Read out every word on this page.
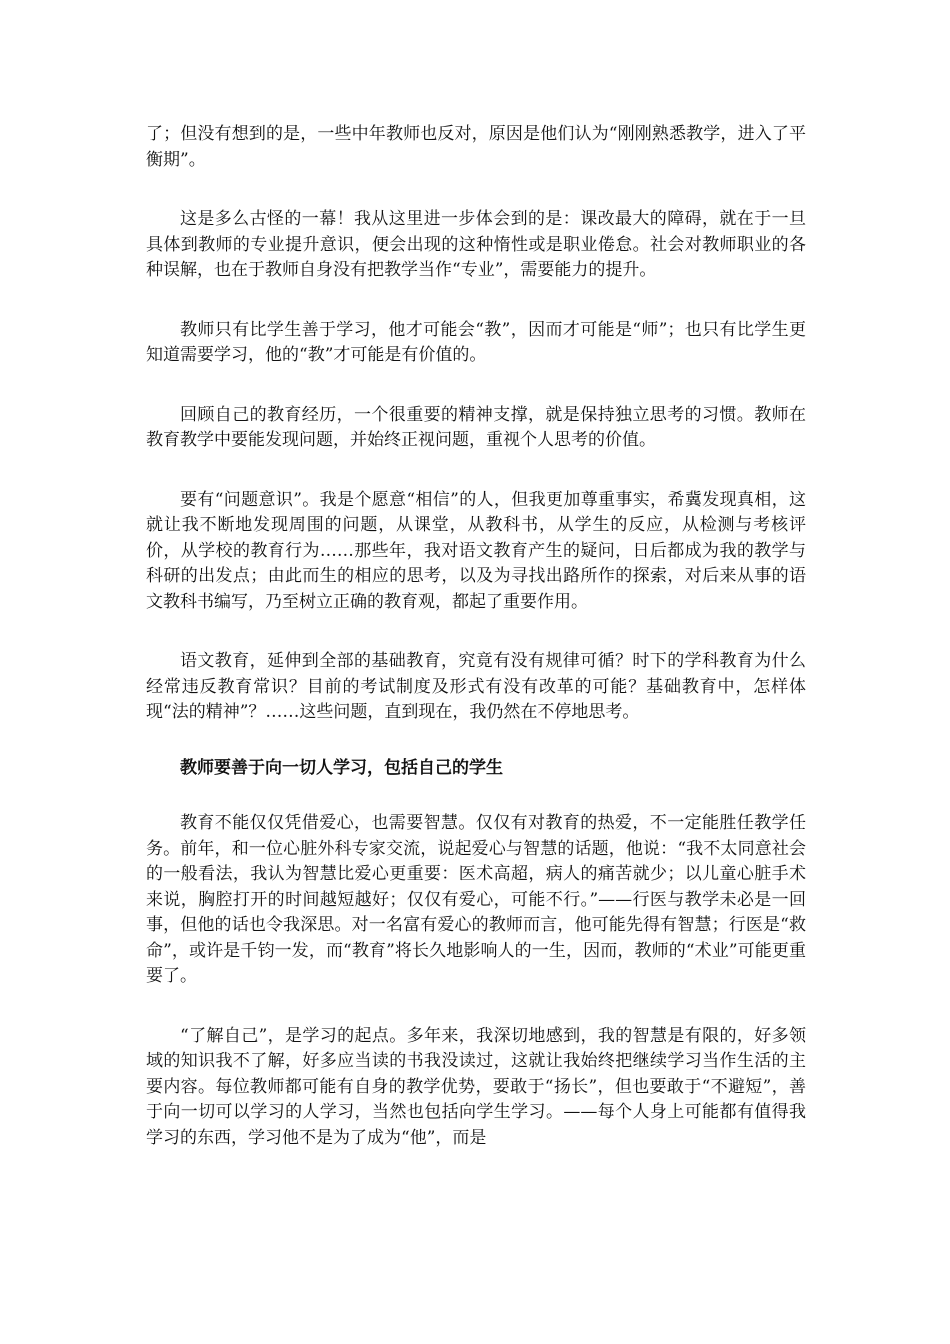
了；但没有想到的是，一些中年教师也反对，原因是他们认为“刚刚熟悉教学，进入了平衡期”。

这是多么古怪的一幕！我从这里进一步体会到的是：课改最大的障碍，就在于一旦具体到教师的专业提升意识，便会出现的这种惰性或是职业倦怠。社会对教师职业的各种误解，也在于教师自身没有把教学当作“专业”，需要能力的提升。

教师只有比学生善于学习，他才可能会“教”，因而才可能是“师”；也只有比学生更知道需要学习，他的“教”才可能是有价值的。

回顾自己的教育经历，一个很重要的精神支撑，就是保持独立思考的习惯。教师在教育教学中要能发现问题，并始终正视问题，重视个人思考的价值。

要有“问题意识”。我是个愿意“相信”的人，但我更加尊重事实，希冀发现真相，这就让我不断地发现周围的问题，从课堂，从教科书，从学生的反应，从检测与考核评价，从学校的教育行为……那些年，我对语文教育产生的疑问，日后都成为我的教学与科研的出发点；由此而生的相应的思考，以及为寻找出路所作的探索，对后来从事的语文教科书编写，乃至树立正确的教育观，都起了重要作用。

语文教育，延伸到全部的基础教育，究竟有没有规律可循？时下的学科教育为什么经常违反教育常识？目前的考试制度及形式有没有改革的可能？基础教育中，怎样体现“法的精神”？……这些问题，直到现在，我仍然在不停地思考。

教师要善于向一切人学习，包括自己的学生

教育不能仅仅凭借爱心，也需要智慧。仅仅有对教育的热爱，不一定能胜任教学任务。前年，和一位心脏外科专家交流，说起爱心与智慧的话题，他说：“我不太同意社会的一般看法，我认为智慧比爱心更重要：医术高超，病人的痛苦就少；以儿童心脏手术来说，胸腔打开的时间越短越好；仅仅有爱心，可能不行。”——行医与教学未必是一回事，但他的话也令我深思。对一名富有爱心的教师而言，他可能先得有智慧；行医是“救命”，或许是千钧一发，而“教育”将长久地影响人的一生，因而，教师的“术业”可能更重要了。

“了解自己”，是学习的起点。多年来，我深切地感到，我的智慧是有限的，好多领域的知识我不了解，好多应当读的书我没读过，这就让我始终把继续学习当作生活的主要内容。每位教师都可能有自身的教学优势，要敢于“扬长”，但也要敢于“不避短”，善于向一切可以学习的人学习，当然也包括向学生学习。——每个人身上可能都有值得我学习的东西，学习他不是为了成为“他”，而是
